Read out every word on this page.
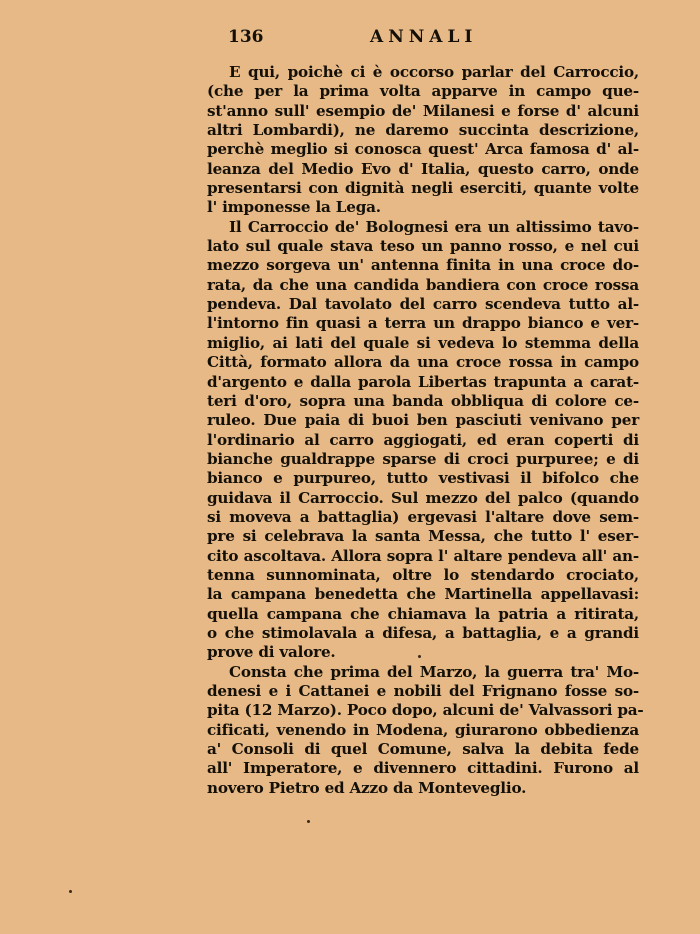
136	ANNALI
E qui, poichè ci è occorso parlar del Carroccio,
(che per la prima volta apparve in campo que-
st'anno sull' esempio de' Milanesi e forse d' alcuni
altri Lombardi), ne daremo succinta descrizione,
perchè meglio si conosca quest' Arca famosa d' al-
leanza del Medio Evo d' Italia, questo carro, onde
presentarsi con dignità negli eserciti, quante volte
l' imponesse la Lega.
Il Carroccio de' Bolognesi era un altissimo tavo-
lato sul quale stava teso un panno rosso, e nel cui
mezzo sorgeva un' antenna finita in una croce do-
rata, da che una candida bandiera con croce rossa
pendeva. Dal tavolato del carro scendeva tutto al-
l'intorno fin quasi a terra un drappo bianco e ver-
miglio, ai lati del quale si vedeva lo stemma della
Città, formato allora da una croce rossa in campo
d'argento e dalla parola Libertas trapunta a carat-
teri d'oro, sopra una banda obbliqua di colore ce-
ruleo. Due paia di buoi ben pasciuti venivano per
l'ordinario al carro aggiogati, ed eran coperti di
bianche gualdrappe sparse di croci purpuree; e di
bianco e purpureo, tutto vestivasi il bifolco che
guidava il Carroccio. Sul mezzo del palco (quando
si moveva a battaglia) ergevasi l'altare dove sem-
pre si celebrava la santa Messa, che tutto l' eser-
cito ascoltava. Allora sopra l' altare pendeva all' an-
tenna sunnominata, oltre lo stendardo crociato,
la campana benedetta che Martinella appellavasi:
quella campana che chiamava la patria a ritirata,
o che stimolavala a difesa, a battaglia, e a grandi
prove di valore.
Consta che prima del Marzo, la guerra tra' Mo-
denesi e i Cattanei e nobili del Frignano fosse so-
pita (12 Marzo). Poco dopo, alcuni de' Valvassori pa-
cificati, venendo in Modena, giurarono obbedienza
a' Consoli di quel Comune, salva la debita fede
all' Imperatore, e divennero cittadini. Furono al
novero Pietro ed Azzo da Monteveglio.
